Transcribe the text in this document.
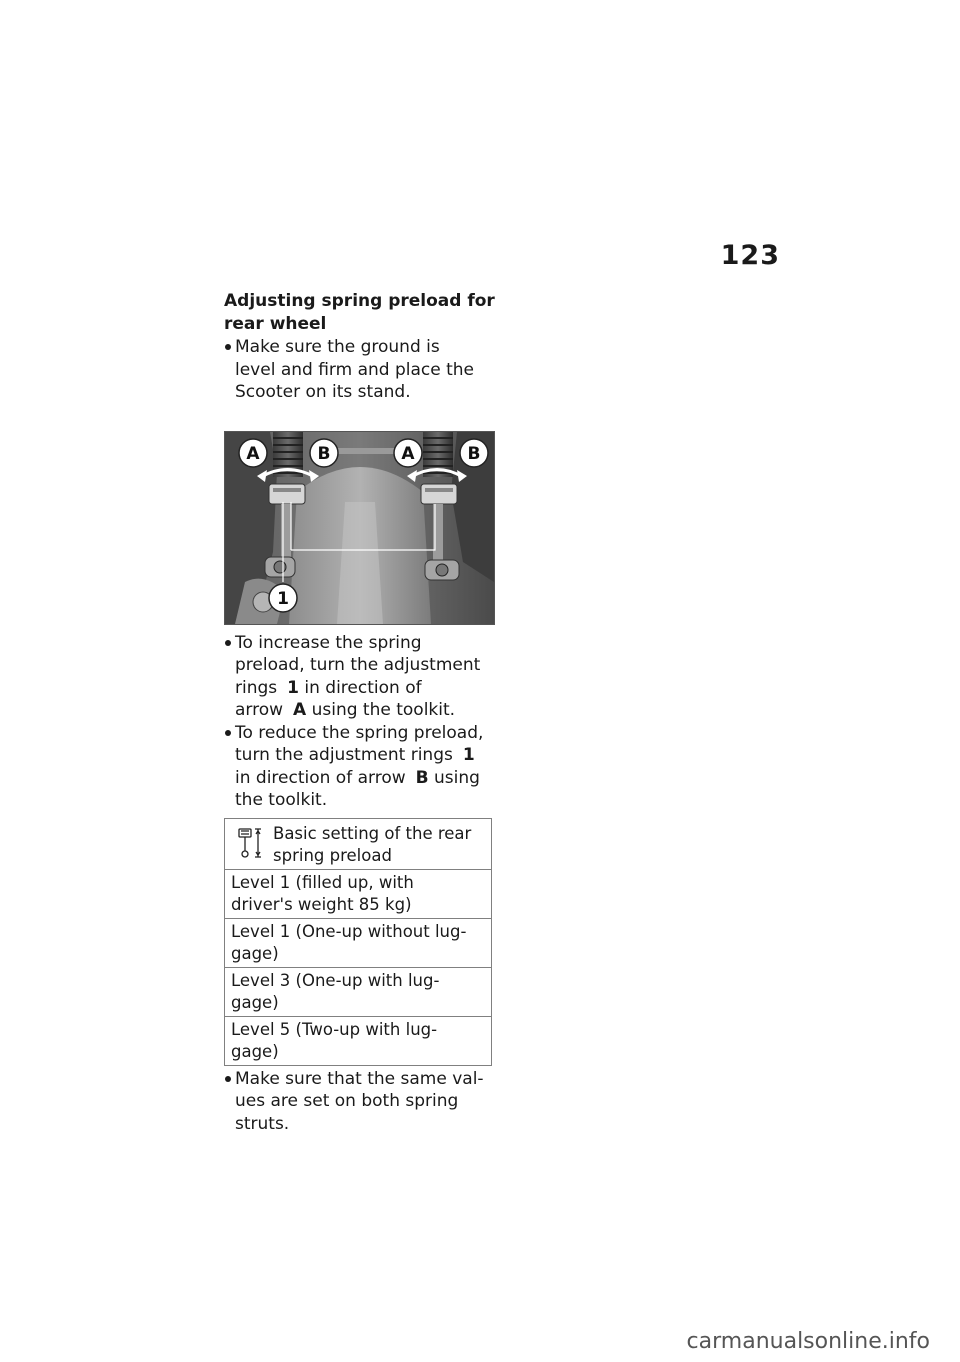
123
Adjusting spring preload for
rear wheel
Make sure the ground is
level and firm and place the
Scooter on its stand.
A	B	A	B
1
To increase the spring
preload, turn the adjustment
rings 1 in direction of
arrow A using the toolkit.
To reduce the spring preload,
turn the adjustment rings 1
in direction of arrow B using
the toolkit.
Basic setting of the rear
spring preload

Level 1 (filled up, with
driver's weight 85 kg)

Level 1 (One-up without lug-
gage)

Level 3 (One-up with lug-
gage)

Level 5 (Two-up with lug-
gage)
Make sure that the same val-
ues are set on both spring
struts.
carmanualsonline.info
